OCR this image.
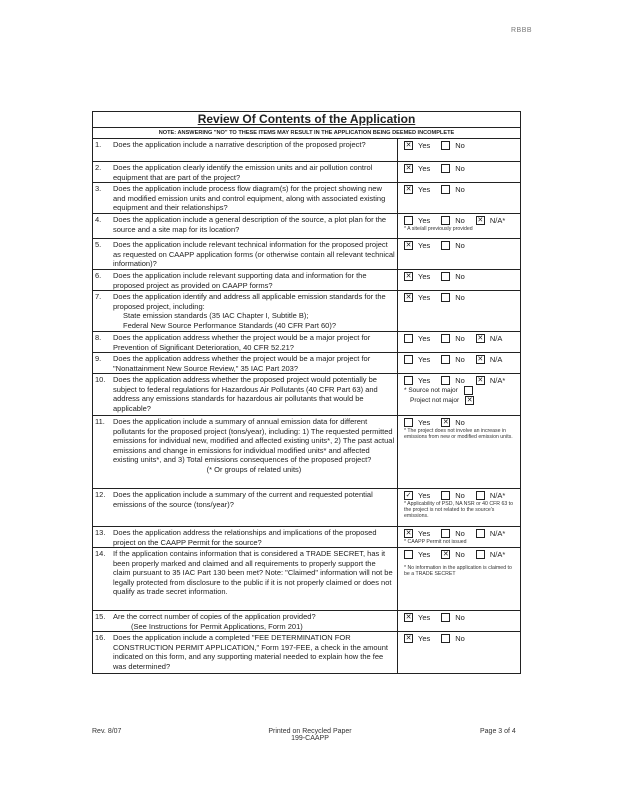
RBBB
Review Of Contents of the Application
NOTE: ANSWERING "NO" TO THESE ITEMS MAY RESULT IN THE APPLICATION BEING DEEMED INCOMPLETE
1.	Does the application include a narrative description of the proposed project?	✕ Yes	No
2.	Does the application clearly identify the emission units and air pollution control equipment that are part of the project?
✕ Yes	No
3.	Does the application include process flow diagram(s) for the project showing new and modified emission units and control equipment, along with associated existing equipment and their relationships?
✕ Yes	No
4.	Does the application include a general description of the source, a plot plan for the source and a site map for its location?
Yes	No ✕ N/A*
* A site/all previously provided
5.	Does the application include relevant technical information for the proposed project as requested on CAAPP application forms (or otherwise contain all relevant technical information)?
✕ Yes	No
6.	Does the application include relevant supporting data and information for the proposed project as provided on CAAPP forms?
✕ Yes	No
7.	Does the application identify and address all applicable emission standards for the proposed project, including:
State emission standards (35 IAC Chapter I, Subtitle B);
Federal New Source Performance Standards (40 CFR Part 60)?
✕ Yes	No
8.	Does the application address whether the project would be a major project for Prevention of Significant Deterioration, 40 CFR 52.21?
Yes	No ✕ N/A
9.	Does the application address whether the project would be a major project for "Nonattainment New Source Review," 35 IAC Part 203?
Yes	No ✕ N/A
10.	Does the application address whether the proposed project would potentially be subject to federal regulations for Hazardous Air Pollutants (40 CFR Part 63) and address any emissions standards for hazardous air pollutants that would be applicable?
Yes	No ✕ N/A*
* Source not major
Project not major ✕
11.	Does the application include a summary of annual emission data for different pollutants for the proposed project (tons/year), including: 1) The requested permitted emissions for individual new, modified and affected existing units*, 2) The past actual emissions and change in emissions for individual modified units* and affected existing units*, and 3) Total emissions consequences of the proposed project?
(* Or groups of related units)
Yes ✕ No
* The project does not involve an increase in emissions from new or modified emission units.
12.	Does the application include a summary of the current and requested potential emissions of the source (tons/year)?
✓ Yes	No	N/A*
* Applicability of PSD, NA NSR or 40 CFR 63 to the project is not related to the source's emissions.
13.	Does the application address the relationships and implications of the proposed project on the CAAPP Permit for the source?
✕ Yes	No	N/A*
* CAAPP Permit not issued
14.	If the application contains information that is considered a TRADE SECRET, has it been properly marked and claimed and all requirements to properly support the claim pursuant to 35 IAC Part 130 been met? Note: "Claimed" information will not be legally protected from disclosure to the public if it is not properly claimed or does not qualify as trade secret information.
Yes ✕ No	N/A*
* No information in the application is claimed to be a TRADE SECRET
15.	Are the correct number of copies of the application provided?
(See Instructions for Permit Applications, Form 201)
✕ Yes	No
16.	Does the application include a completed "FEE DETERMINATION FOR CONSTRUCTION PERMIT APPLICATION," Form 197-FEE, a check in the amount indicated on this form, and any supporting material needed to explain how the fee was determined?
✕ Yes	No
Rev. 8/07	Printed on Recycled Paper
199-CAAPP
Page 3 of 4
